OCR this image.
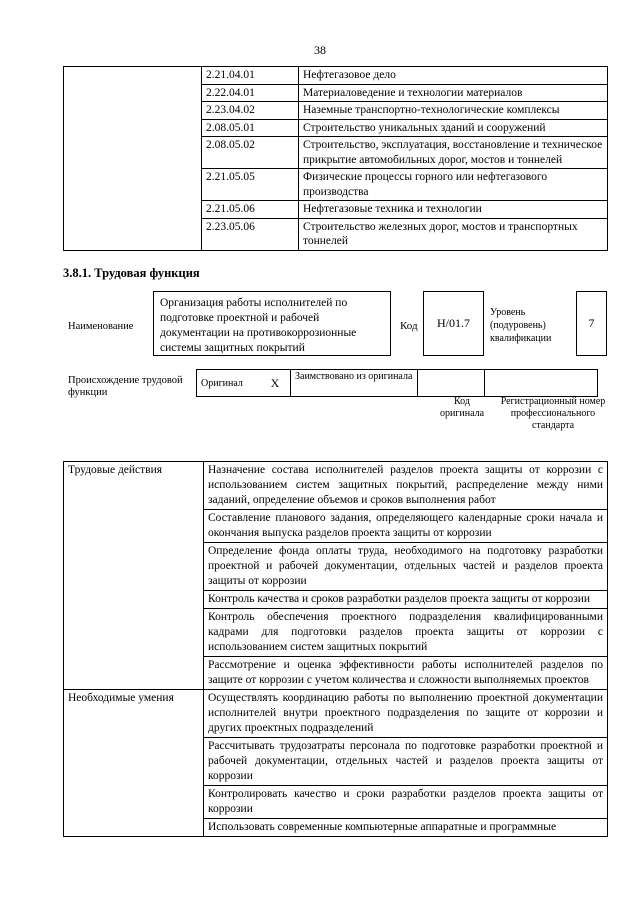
38
	2.21.04.01	Нефтегазовое дело
	2.22.04.01	Материаловедение и технологии материалов
	2.23.04.02	Наземные транспортно-технологические комплексы
	2.08.05.01	Строительство уникальных зданий и сооружений
	2.08.05.02	Строительство, эксплуатация, восстановление и техническое прикрытие автомобильных дорог, мостов и тоннелей
	2.21.05.05	Физические процессы горного или нефтегазового производства
	2.21.05.06	Нефтегазовые техника и технологии
	2.23.05.06	Строительство железных дорог, мостов и транспортных тоннелей
3.8.1. Трудовая функция
Наименование
Организация работы исполнителей по подготовке проектной и рабочей документации на противокоррозионные системы защитных покрытий
Код Н/01.7
Уровень (подуровень) квалификации
7
Происхождение трудовой функции
Оригинал	X	Заимствовано из оригинала		
Код оригинала
Регистрационный номер профессионального стандарта
Трудовые действия	Назначение состава исполнителей разделов проекта защиты от коррозии с использованием систем защитных покрытий, распределение между ними заданий, определение объемов и сроков выполнения работ
	Составление планового задания, определяющего календарные сроки начала и окончания выпуска разделов проекта защиты от коррозии
	Определение фонда оплаты труда, необходимого на подготовку разработки проектной и рабочей документации, отдельных частей и разделов проекта защиты от коррозии
	Контроль качества и сроков разработки разделов проекта защиты от коррозии
	Контроль обеспечения проектного подразделения квалифицированными кадрами для подготовки разделов проекта защиты от коррозии с использованием систем защитных покрытий
	Рассмотрение и оценка эффективности работы исполнителей разделов по защите от коррозии с учетом количества и сложности выполняемых проектов
Необходимые умения	Осуществлять координацию работы по выполнению проектной документации исполнителей внутри проектного подразделения по защите от коррозии и других проектных подразделений
	Рассчитывать трудозатраты персонала по подготовке разработки проектной и рабочей документации, отдельных частей и разделов проекта защиты от коррозии
	Контролировать качество и сроки разработки разделов проекта защиты от коррозии
	Использовать современные компьютерные аппаратные и программные
